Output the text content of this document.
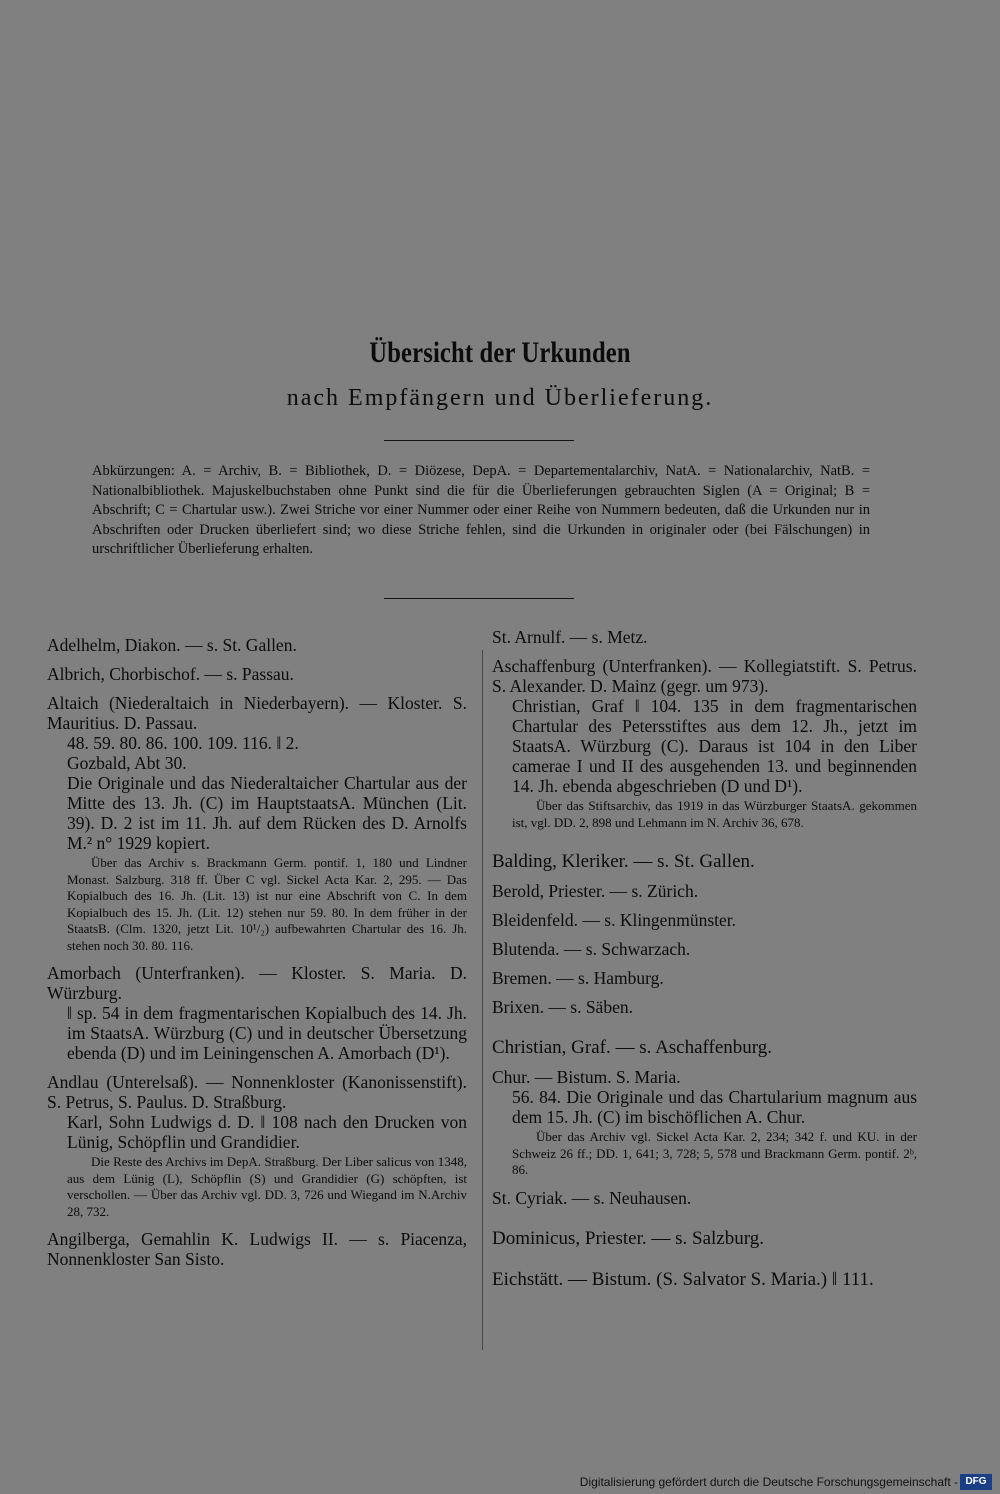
Übersicht der Urkunden
nach Empfängern und Überlieferung.
Abkürzungen: A. = Archiv, B. = Bibliothek, D. = Diözese, DepA. = Departementalarchiv, NatA. = Nationalarchiv, NatB. = Nationalbibliothek. Majuskelbuchstaben ohne Punkt sind die für die Überlieferungen gebrauchten Siglen (A = Original; B = Abschrift; C = Chartular usw.). Zwei Striche vor einer Nummer oder einer Reihe von Nummern bedeuten, daß die Urkunden nur in Abschriften oder Drucken überliefert sind; wo diese Striche fehlen, sind die Urkunden in originaler oder (bei Fälschungen) in urschriftlicher Überlieferung erhalten.
Adelhelm, Diakon. — s. St. Gallen.
Albrich, Chorbischof. — s. Passau.
Altaich (Niederaltaich in Niederbayern). — Kloster. S. Mauritius. D. Passau.
48. 59. 80. 86. 100. 109. 116. ‖ 2.
Gozbald, Abt 30.
Die Originale und das Niederaltaicher Chartular aus der Mitte des 13. Jh. (C) im HauptstaatsA. München (Lit. 39). D. 2 ist im 11. Jh. auf dem Rücken des D. Arnolfs M.² n° 1929 kopiert.

Über das Archiv s. Brackmann Germ. pontif. 1, 180 und Lindner Monast. Salzburg. 318 ff. Über C vgl. Sickel Acta Kar. 2, 295. — Das Kopialbuch des 16. Jh. (Lit. 13) ist nur eine Abschrift von C. In dem Kopialbuch des 15. Jh. (Lit. 12) stehen nur 59. 80. In dem früher in der StaatsB. (Clm. 1320, jetzt Lit. 10¹/₂) aufbewahrten Chartular des 16. Jh. stehen noch 30. 80. 116.

Amorbach (Unterfranken). — Kloster. S. Maria. D. Würzburg.
‖ sp. 54 in dem fragmentarischen Kopialbuch des 14. Jh. im StaatsA. Würzburg (C) und in deutscher Übersetzung ebenda (D) und im Leiningenschen A. Amorbach (D¹).
Andlau (Unterelsaß). — Nonnenkloster (Kanonissenstift). S. Petrus, S. Paulus. D. Straßburg.
Karl, Sohn Ludwigs d. D. ‖ 108 nach den Drucken von Lünig, Schöpflin und Grandidier.

Die Reste des Archivs im DepA. Straßburg. Der Liber salicus von 1348, aus dem Lünig (L), Schöpflin (S) und Grandidier (G) schöpften, ist verschollen. — Über das Archiv vgl. DD. 3, 726 und Wiegand im N.Archiv 28, 732.

Angilberga, Gemahlin K. Ludwigs II. — s. Piacenza, Nonnenkloster San Sisto.
St. Arnulf. — s. Metz.
Aschaffenburg (Unterfranken). — Kollegiatstift. S. Petrus. S. Alexander. D. Mainz (gegr. um 973).
Christian, Graf ‖ 104. 135 in dem fragmentarischen Chartular des Petersstiftes aus dem 12. Jh., jetzt im StaatsA. Würzburg (C). Daraus ist 104 in den Liber camerae I und II des ausgehenden 13. und beginnenden 14. Jh. ebenda abgeschrieben (D und D¹).

Über das Stiftsarchiv, das 1919 in das Würzburger StaatsA. gekommen ist, vgl. DD. 2, 898 und Lehmann im N. Archiv 36, 678.

Balding, Kleriker. — s. St. Gallen.
Berold, Priester. — s. Zürich.
Bleidenfeld. — s. Klingenmünster.
Blutenda. — s. Schwarzach.
Bremen. — s. Hamburg.
Brixen. — s. Säben.
Christian, Graf. — s. Aschaffenburg.
Chur. — Bistum. S. Maria.
56. 84. Die Originale und das Chartularium magnum aus dem 15. Jh. (C) im bischöflichen A. Chur.

Über das Archiv vgl. Sickel Acta Kar. 2, 234; 342 f. und KU. in der Schweiz 26 ff.; DD. 1, 641; 3, 728; 5, 578 und Brackmann Germ. pontif. 2ᵇ, 86.

St. Cyriak. — s. Neuhausen.
Dominicus, Priester. — s. Salzburg.
Eichstätt. — Bistum. (S. Salvator S. Maria.) ‖ 111.
Digitalisierung gefördert durch die Deutsche Forschungsgemeinschaft - DFG
